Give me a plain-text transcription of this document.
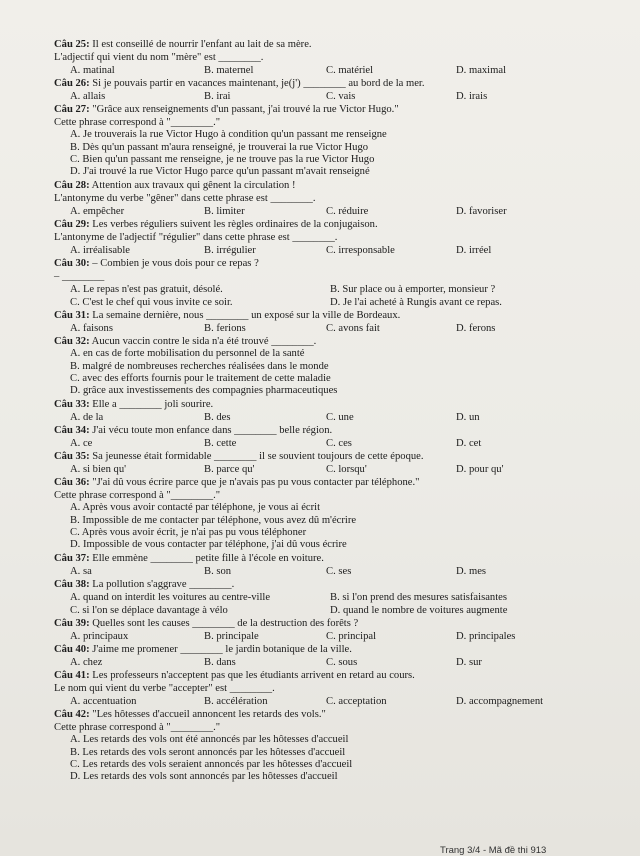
Câu 25: Il est conseillé de nourrir l'enfant au lait de sa mère.
L'adjectif qui vient du nom "mère" est ________.
A. matinal	B. maternel	C. matériel	D. maximal
Câu 26: Si je pouvais partir en vacances maintenant, je(j') ________ au bord de la mer.
A. allais	B. irai	C. vais	D. irais
Câu 27: "Grâce aux renseignements d'un passant, j'ai trouvé la rue Victor Hugo."
Cette phrase correspond à "________."
A. Je trouverais la rue Victor Hugo à condition qu'un passant me renseigne
B. Dès qu'un passant m'aura renseigné, je trouverai la rue Victor Hugo
C. Bien qu'un passant me renseigne, je ne trouve pas la rue Victor Hugo
D. J'ai trouvé la rue Victor Hugo parce qu'un passant m'avait renseigné
Câu 28: Attention aux travaux qui gênent la circulation !
L'antonyme du verbe "gêner" dans cette phrase est ________.
A. empêcher	B. limiter	C. réduire	D. favoriser
Câu 29: Les verbes réguliers suivent les règles ordinaires de la conjugaison.
L'antonyme de l'adjectif "régulier" dans cette phrase est ________.
A. irréalisable	B. irrégulier	C. irresponsable	D. irréel
Câu 30: – Combien je vous dois pour ce repas ?
– ________
A. Le repas n'est pas gratuit, désolé.	B. Sur place ou à emporter, monsieur ?
C. C'est le chef qui vous invite ce soir.	D. Je l'ai acheté à Rungis avant ce repas.
Câu 31: La semaine dernière, nous ________ un exposé sur la ville de Bordeaux.
A. faisons	B. ferions	C. avons fait	D. ferons
Câu 32: Aucun vaccin contre le sida n'a été trouvé ________.
A. en cas de forte mobilisation du personnel de la santé
B. malgré de nombreuses recherches réalisées dans le monde
C. avec des efforts fournis pour le traitement de cette maladie
D. grâce aux investissements des compagnies pharmaceutiques
Câu 33: Elle a ________ joli sourire.
A. de la	B. des	C. une	D. un
Câu 34: J'ai vécu toute mon enfance dans ________ belle région.
A. ce	B. cette	C. ces	D. cet
Câu 35: Sa jeunesse était formidable ________ il se souvient toujours de cette époque.
A. si bien qu'	B. parce qu'	C. lorsqu'	D. pour qu'
Câu 36: "J'ai dû vous écrire parce que je n'avais pas pu vous contacter par téléphone."
Cette phrase correspond à "________."
A. Après vous avoir contacté par téléphone, je vous ai écrit
B. Impossible de me contacter par téléphone, vous avez dû m'écrire
C. Après vous avoir écrit, je n'ai pas pu vous téléphoner
D. Impossible de vous contacter par téléphone, j'ai dû vous écrire
Câu 37: Elle emmène ________ petite fille à l'école en voiture.
A. sa	B. son	C. ses	D. mes
Câu 38: La pollution s'aggrave ________.
A. quand on interdit les voitures au centre-ville	B. si l'on prend des mesures satisfaisantes
C. si l'on se déplace davantage à vélo	D. quand le nombre de voitures augmente
Câu 39: Quelles sont les causes ________ de la destruction des forêts ?
A. principaux	B. principale	C. principal	D. principales
Câu 40: J'aime me promener ________ le jardin botanique de la ville.
A. chez	B. dans	C. sous	D. sur
Câu 41: Les professeurs n'acceptent pas que les étudiants arrivent en retard au cours.
Le nom qui vient du verbe "accepter" est ________.
A. accentuation	B. accélération	C. acceptation	D. accompagnement
Câu 42: "Les hôtesses d'accueil annoncent les retards des vols."
Cette phrase correspond à "________."
A. Les retards des vols ont été annoncés par les hôtesses d'accueil
B. Les retards des vols seront annoncés par les hôtesses d'accueil
C. Les retards des vols seraient annoncés par les hôtesses d'accueil
D. Les retards des vols sont annoncés par les hôtesses d'accueil
Trang 3/4 - Mã đề thi 913
